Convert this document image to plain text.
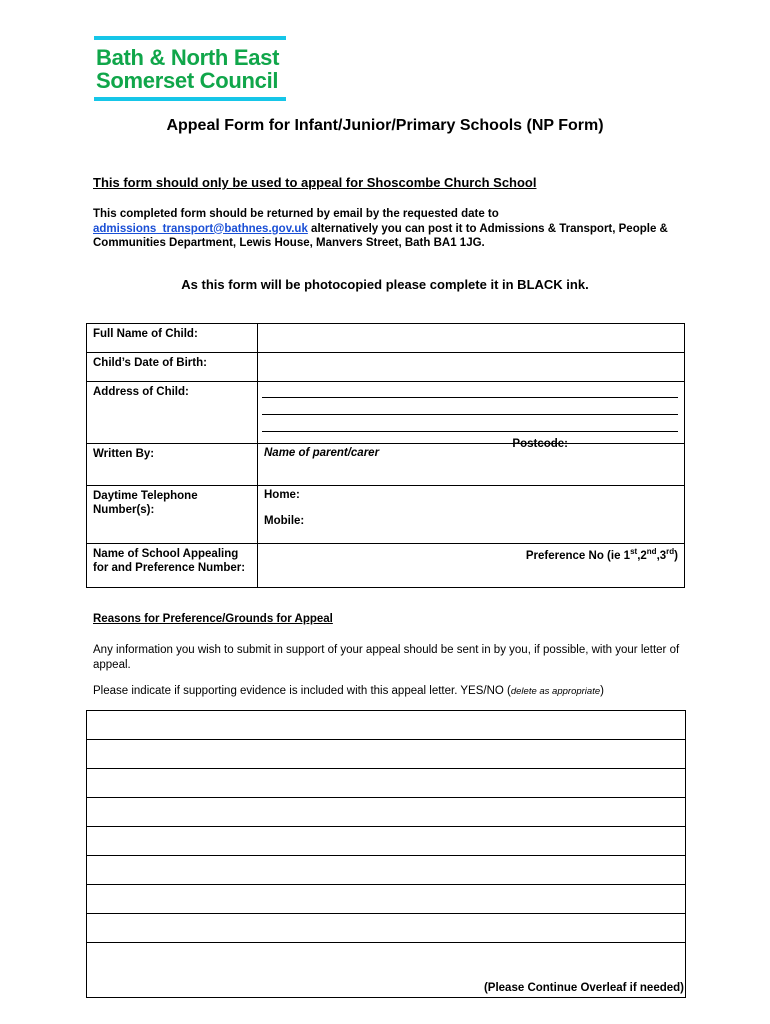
Bath & North East
Somerset Council
Appeal Form for Infant/Junior/Primary Schools (NP Form)
This form should only be used to appeal for Shoscombe Church School
This completed form should be returned by email by the requested date to admissions_transport@bathnes.gov.uk alternatively you can post it to Admissions & Transport, People & Communities Department, Lewis House, Manvers Street, Bath BA1 1JG.
As this form will be photocopied please complete it in BLACK ink.
Full Name of Child:	
Child’s Date of Birth:	
Address of Child:	Postcode:

Written By:	Name of parent/carer
Daytime Telephone Number(s):	Home:
Mobile:

Name of School Appealing for and Preference Number:	Preference No (ie 1st,2nd,3rd)
Reasons for Preference/Grounds for Appeal
Any information you wish to submit in support of your appeal should be sent in by you, if possible, with your letter of appeal.
Please indicate if supporting evidence is included with this appeal letter. YES/NO (delete as appropriate)
(Please Continue Overleaf if needed)
